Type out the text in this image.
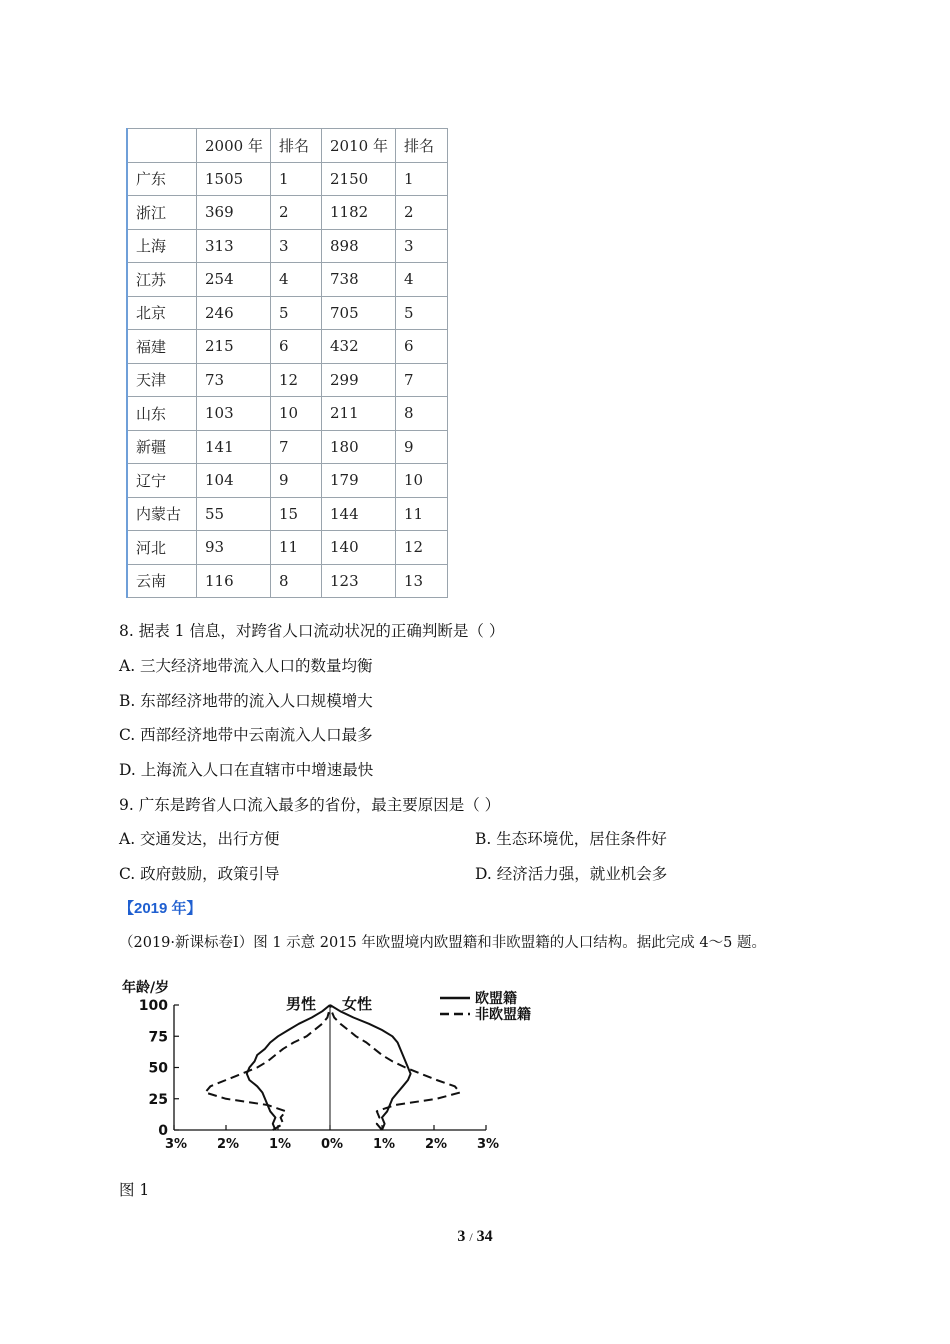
	2000 年	排名	2010 年	排名
广东	1505	1	2150	1
浙江	369	2	1182	2
上海	313	3	898	3
江苏	254	4	738	4
北京	246	5	705	5
福建	215	6	432	6
天津	73	12	299	7
山东	103	10	211	8
新疆	141	7	180	9
辽宁	104	9	179	10
内蒙古	55	15	144	11
河北	93	11	140	12
云南	116	8	123	13
8. 据表 1 信息，对跨省人口流动状况的正确判断是（ ）
A. 三大经济地带流入人口的数量均衡
B. 东部经济地带的流入人口规模增大
C. 西部经济地带中云南流入人口最多
D. 上海流入人口在直辖市中增速最快
9. 广东是跨省人口流入最多的省份，最主要原因是（ ）
A. 交通发达，出行方便	B. 生态环境优，居住条件好
C. 政府鼓励，政策引导	D. 经济活力强，就业机会多
【2019 年】
（2019·新课标卷Ⅰ）图 1 示意 2015 年欧盟境内欧盟籍和非欧盟籍的人口结构。据此完成 4～5 题。
0
25
50
75
100
3% 2% 1% 0% 1% 2% 3%
年龄/岁
男性 女性	欧盟籍
非欧盟籍
图 1
3 / 34
